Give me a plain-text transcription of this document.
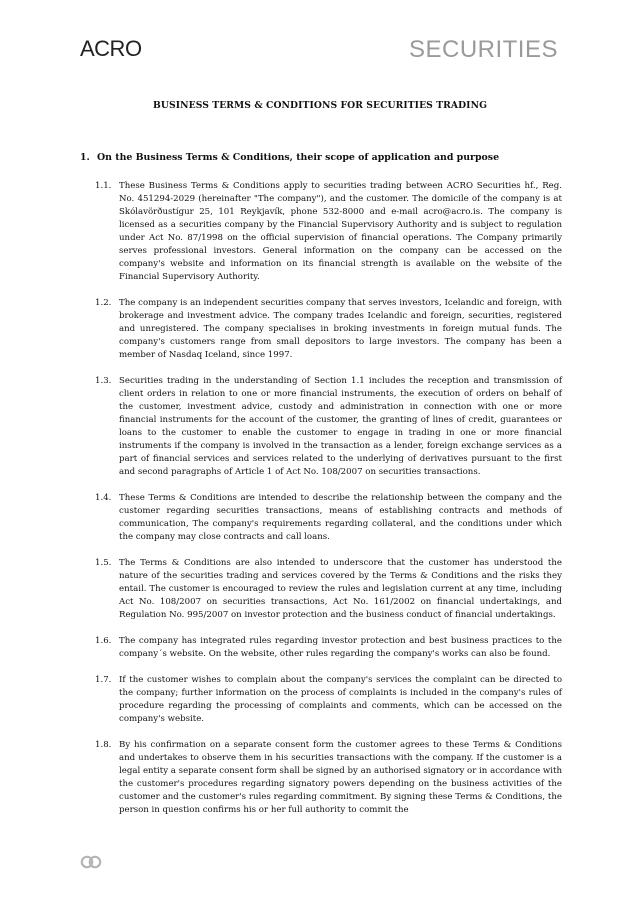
ACRO	SECURITIES
BUSINESS TERMS & CONDITIONS FOR SECURITIES TRADING
1. On the Business Terms & Conditions, their scope of application and purpose
1.1. These Business Terms & Conditions apply to securities trading between ACRO Securities hf., Reg. No. 451294-2029 (hereinafter "The company"), and the customer. The domicile of the company is at Skólavörðustígur 25, 101 Reykjavík, phone 532-8000 and e-mail acro@acro.is. The company is licensed as a securities company by the Financial Supervisory Authority and is subject to regulation under Act No. 87/1998 on the official supervision of financial operations. The Company primarily serves professional investors. General information on the company can be accessed on the company's website and information on its financial strength is available on the website of the Financial Supervisory Authority.
1.2. The company is an independent securities company that serves investors, Icelandic and foreign, with brokerage and investment advice. The company trades Icelandic and foreign, securities, registered and unregistered. The company specialises in broking investments in foreign mutual funds. The company's customers range from small depositors to large investors. The company has been a member of Nasdaq Iceland, since 1997.
1.3. Securities trading in the understanding of Section 1.1 includes the reception and transmission of client orders in relation to one or more financial instruments, the execution of orders on behalf of the customer, investment advice, custody and administration in connection with one or more financial instruments for the account of the customer, the granting of lines of credit, guarantees or loans to the customer to enable the customer to engage in trading in one or more financial instruments if the company is involved in the transaction as a lender, foreign exchange services as a part of financial services and services related to the underlying of derivatives pursuant to the first and second paragraphs of Article 1 of Act No. 108/2007 on securities transactions.
1.4. These Terms & Conditions are intended to describe the relationship between the company and the customer regarding securities transactions, means of establishing contracts and methods of communication, The company's requirements regarding collateral, and the conditions under which the company may close contracts and call loans.
1.5. The Terms & Conditions are also intended to underscore that the customer has understood the nature of the securities trading and services covered by the Terms & Conditions and the risks they entail. The customer is encouraged to review the rules and legislation current at any time, including Act No. 108/2007 on securities transactions, Act No. 161/2002 on financial undertakings, and Regulation No. 995/2007 on investor protection and the business conduct of financial undertakings.
1.6. The company has integrated rules regarding investor protection and best business practices to the company´s website. On the website, other rules regarding the company's works can also be found.
1.7. If the customer wishes to complain about the company's services the complaint can be directed to the company; further information on the process of complaints is included in the company's rules of procedure regarding the processing of complaints and comments, which can be accessed on the company's website.
1.8. By his confirmation on a separate consent form the customer agrees to these Terms & Conditions and undertakes to observe them in his securities transactions with the company. If the customer is a legal entity a separate consent form shall be signed by an authorised signatory or in accordance with the customer's procedures regarding signatory powers depending on the business activities of the customer and the customer's rules regarding commitment. By signing these Terms & Conditions, the person in question confirms his or her full authority to commit the
